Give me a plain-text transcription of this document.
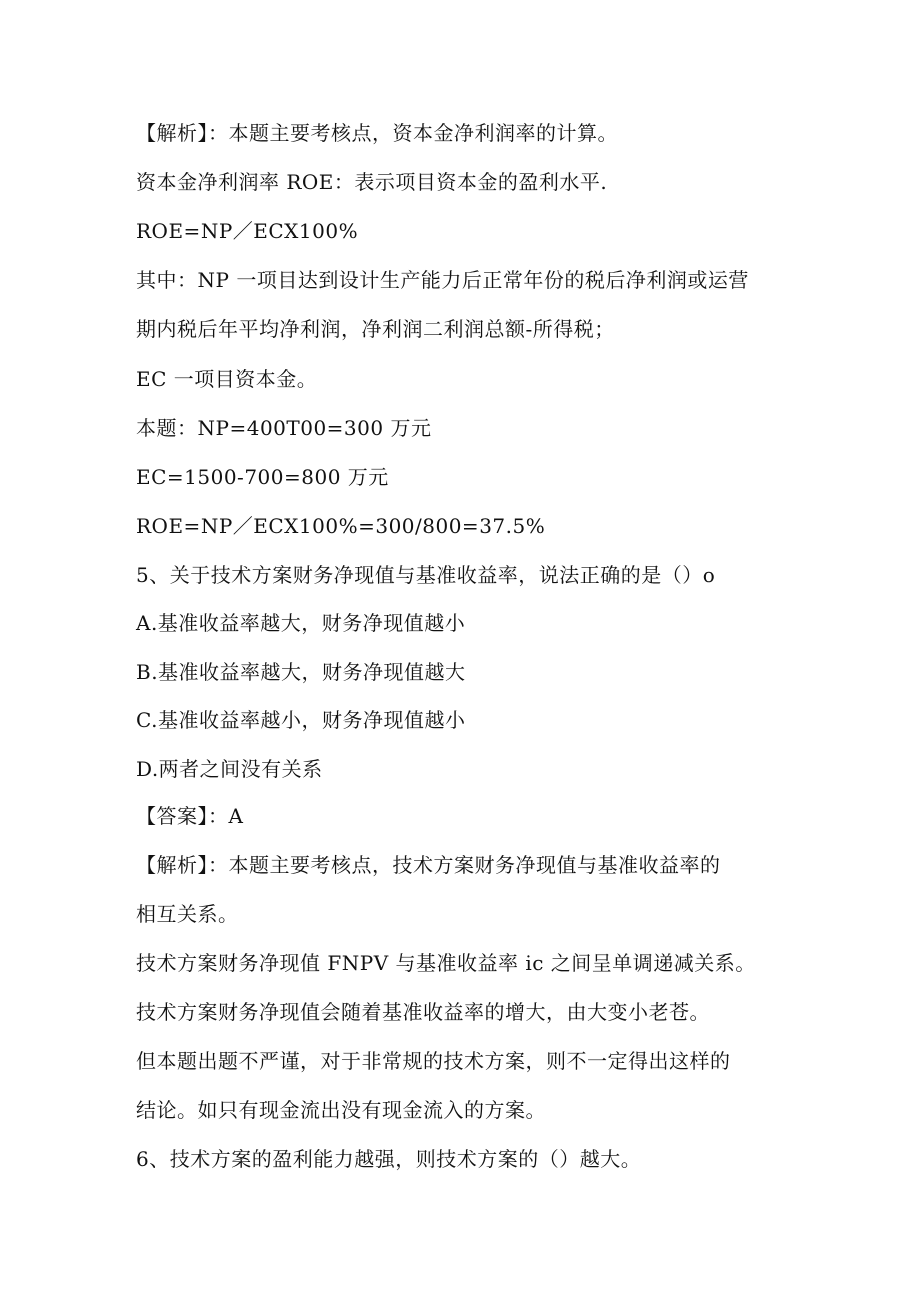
【解析】：本题主要考核点，资本金净利润率的计算。
资本金净利润率 ROE：表示项目资本金的盈利水平.
ROE=NP／ECX100%
其中：NP 一项目达到设计生产能力后正常年份的税后净利润或运营
期内税后年平均净利润，净利润二利润总额-所得税；
EC 一项目资本金。
本题：NP=400T00=300 万元
EC=1500-700=800 万元
ROE=NP／ECX100%=300/800=37.5%
5、关于技术方案财务净现值与基准收益率，说法正确的是（）o
A.基准收益率越大，财务净现值越小
B.基准收益率越大，财务净现值越大
C.基准收益率越小，财务净现值越小
D.两者之间没有关系
【答案】：A
【解析】：本题主要考核点，技术方案财务净现值与基准收益率的
相互关系。
技术方案财务净现值 FNPV 与基准收益率 ic 之间呈单调递减关系。
技术方案财务净现值会随着基准收益率的增大，由大变小老苍。
但本题出题不严谨，对于非常规的技术方案，则不一定得出这样的
结论。如只有现金流出没有现金流入的方案。
6、技术方案的盈利能力越强，则技术方案的（）越大。
